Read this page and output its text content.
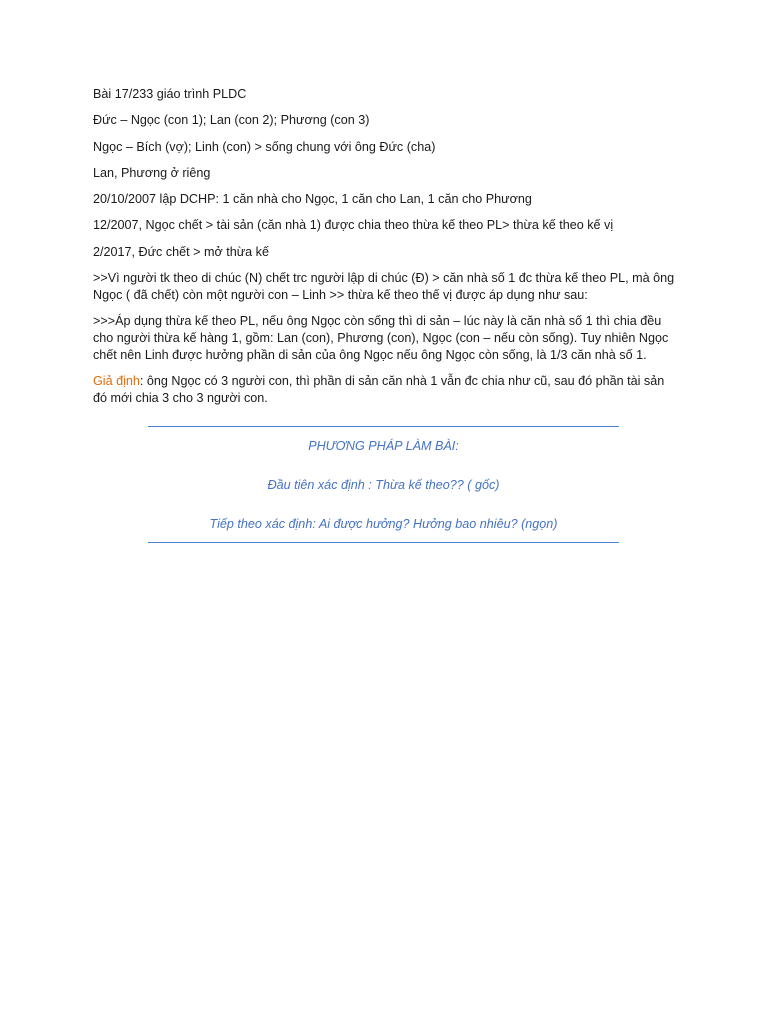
Bài 17/233 giáo trình PLDC

Đức – Ngọc (con 1); Lan (con 2); Phương (con 3)

Ngọc – Bích (vợ); Linh (con) > sống chung với ông Đức (cha)

Lan, Phương ở riêng

20/10/2007 lập DCHP: 1 căn nhà cho Ngọc, 1 căn cho Lan, 1 căn cho Phương

12/2007, Ngọc chết > tài sản (căn nhà 1) được chia theo thừa kế theo PL> thừa kế theo kế vị

2/2017, Đức chết > mở thừa kế

>>Vì người tk theo di chúc (N) chết trc người lập di chúc (Đ) > căn nhà số 1 đc thừa kế theo PL, mà ông Ngọc ( đã chết) còn một người con – Linh >> thừa kế theo thế vị được áp dụng như sau:

>>>Áp dụng thừa kế theo PL, nếu ông Ngọc còn sống thì di sản – lúc này là căn nhà số 1 thì chia đều cho người thừa kế hàng 1, gồm: Lan (con), Phương (con), Ngọc (con – nếu còn sống). Tuy nhiên Ngọc chết nên Linh được hưởng phần di sản của ông Ngọc nếu ông Ngọc còn sống, là 1/3 căn nhà số 1.

Giả định: ông Ngọc có 3 người con, thì phần di sản căn nhà 1 vẫn đc chia như cũ, sau đó phần tài sản đó mới chia 3 cho 3 người con.

PHƯƠNG PHÁP LÀM BÀI:
Đầu tiên xác định : Thừa kế theo?? ( gốc)
Tiếp theo xác định: Ai được hưởng? Hưởng bao nhiêu? (ngọn)
